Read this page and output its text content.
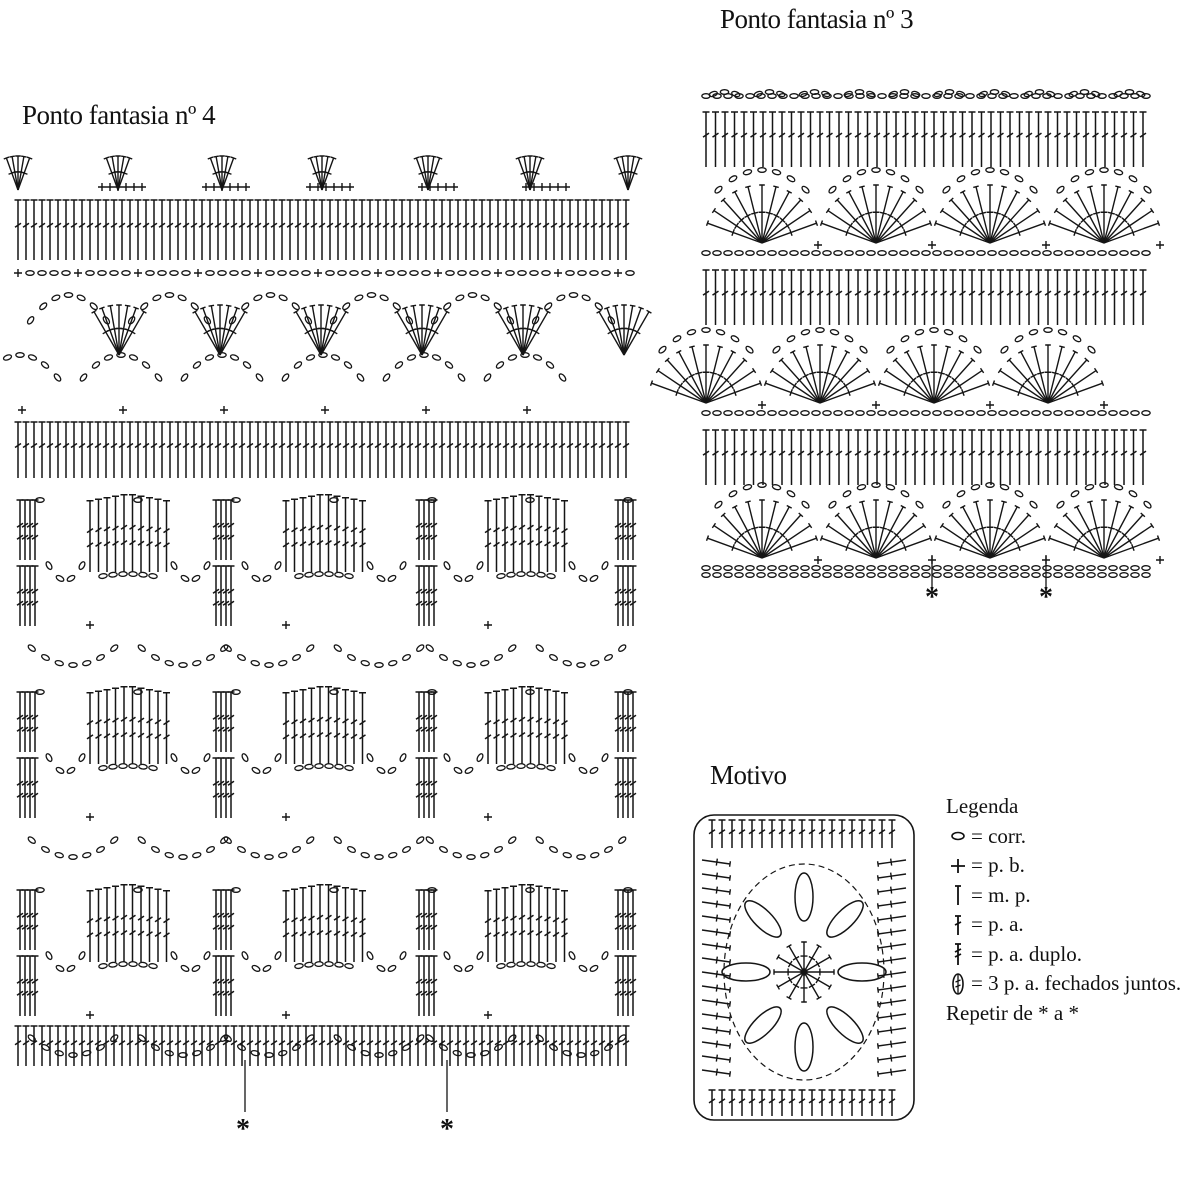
Ponto fantasia nº 4
Ponto fantasia nº 3
Motivo
*	*
*	*
Legenda
= corr.
= p. b.
= m. p.
= p. a.
= p. a. duplo.
= 3 p. a. fechados juntos.
Repetir de * a *
